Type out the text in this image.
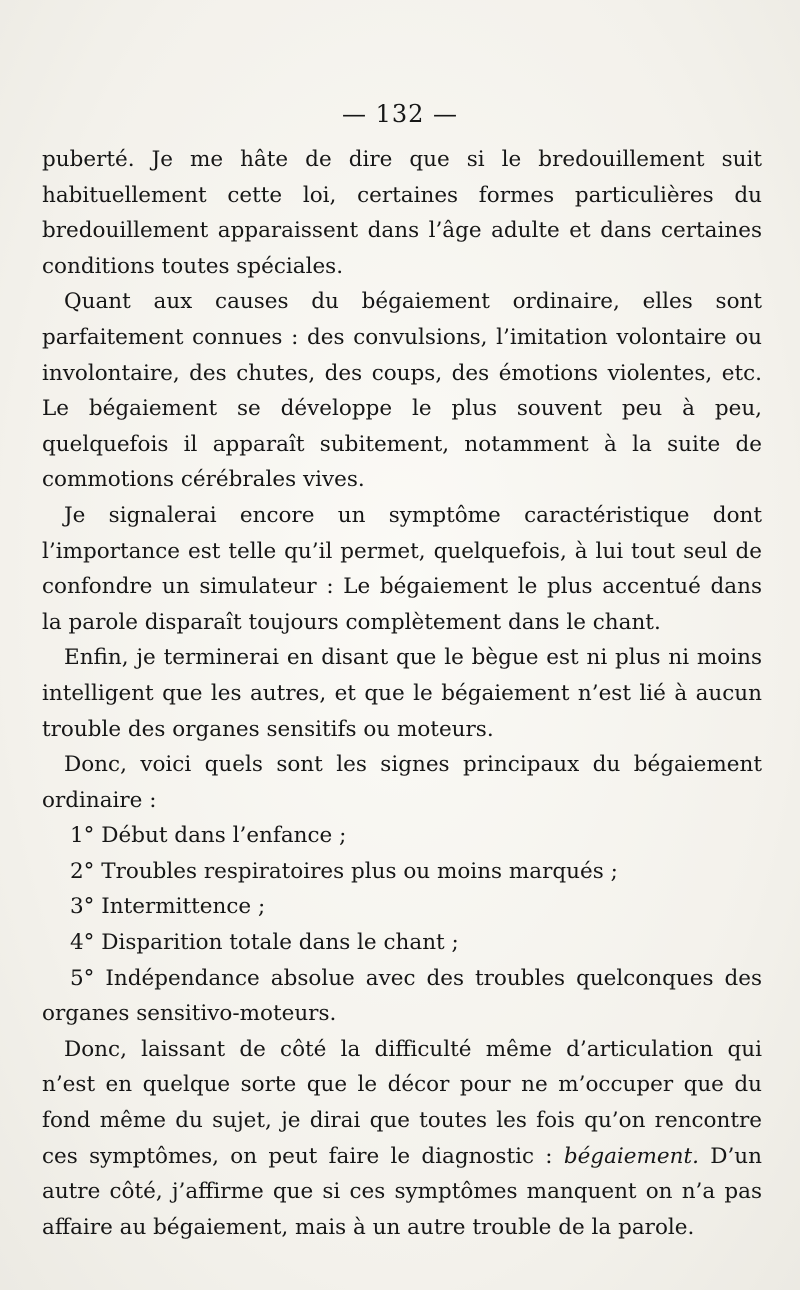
— 132 —

puberté. Je me hâte de dire que si le bredouillement suit habituellement cette loi, certaines formes particulières du bredouillement apparaissent dans l’âge adulte et dans certaines conditions toutes spéciales.

Quant aux causes du bégaiement ordinaire, elles sont parfaitement connues : des convulsions, l’imitation volontaire ou involontaire, des chutes, des coups, des émotions violentes, etc. Le bégaiement se développe le plus souvent peu à peu, quelquefois il apparaît subitement, notamment à la suite de commotions cérébrales vives.

Je signalerai encore un symptôme caractéristique dont l’importance est telle qu’il permet, quelquefois, à lui tout seul de confondre un simulateur : Le bégaiement le plus accentué dans la parole disparaît toujours complètement dans le chant.

Enfin, je terminerai en disant que le bègue est ni plus ni moins intelligent que les autres, et que le bégaiement n’est lié à aucun trouble des organes sensitifs ou moteurs.

Donc, voici quels sont les signes principaux du bégaiement ordinaire :

1° Début dans l’enfance ;

2° Troubles respiratoires plus ou moins marqués ;

3° Intermittence ;

4° Disparition totale dans le chant ;

5° Indépendance absolue avec des troubles quelconques des organes sensitivo-moteurs.

Donc, laissant de côté la difficulté même d’articulation qui n’est en quelque sorte que le décor pour ne m’occuper que du fond même du sujet, je dirai que toutes les fois qu’on rencontre ces symptômes, on peut faire le diagnostic : bégaiement. D’un autre côté, j’affirme que si ces symptômes manquent on n’a pas affaire au bégaiement, mais à un autre trouble de la parole.
